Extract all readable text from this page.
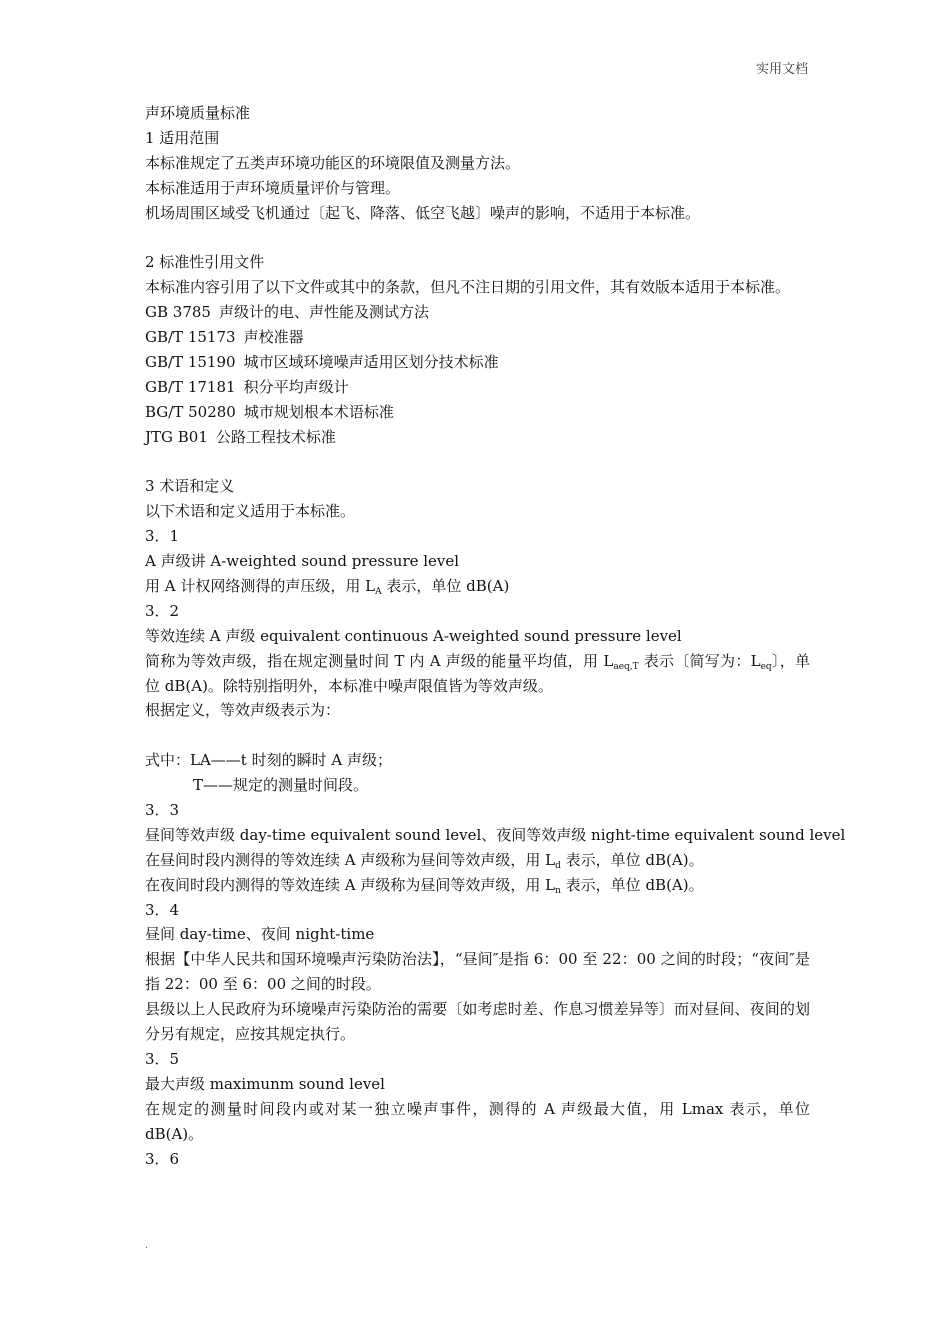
实用文档
声环境质量标准
1 适用范围
本标准规定了五类声环境功能区的环境限值及测量方法。
本标准适用于声环境质量评价与管理。
机场周围区域受飞机通过〔起飞、降落、低空飞越〕噪声的影响，不适用于本标准。
2 标准性引用文件
本标准内容引用了以下文件或其中的条款，但凡不注日期的引用文件，其有效版本适用于本标准。
GB 3785 声级计的电、声性能及测试方法
GB/T 15173 声校准器
GB/T 15190 城市区域环境噪声适用区划分技术标准
GB/T 17181 积分平均声级计
BG/T 50280 城市规划根本术语标准
JTG B01 公路工程技术标准
3 术语和定义
以下术语和定义适用于本标准。
3．1
A 声级讲 A-weighted sound pressure level
用 A 计权网络测得的声压级，用 $L_A$ 表示，单位 dB(A)
3．2
等效连续 A 声级 equivalent continuous A-weighted sound pressure level
简称为等效声级，指在规定测量时间 T 内 A 声级的能量平均值，用 $L_{aeq,T}$ 表示〔简写为：$L_{eq}$〕，单位 dB(A)。除特别指明外，本标准中噪声限值皆为等效声级。
根据定义，等效声级表示为：
式中：LA——t 时刻的瞬时 A 声级；
T——规定的测量时间段。
3．3
昼间等效声级 day-time equivalent sound level、夜间等效声级 night-time equivalent sound level
在昼间时段内测得的等效连续 A 声级称为昼间等效声级，用 $L_d$ 表示，单位 dB(A)。
在夜间时段内测得的等效连续 A 声级称为昼间等效声级，用 $L_n$ 表示，单位 dB(A)。
3．4
昼间 day-time、夜间 night-time
根据【中华人民共和国环境噪声污染防治法】，“昼间″是指 6：00 至 22：00 之间的时段；“夜间″是指 22：00 至 6：00 之间的时段。
县级以上人民政府为环境噪声污染防治的需要〔如考虑时差、作息习惯差异等〕而对昼间、夜间的划分另有规定，应按其规定执行。
3．5
最大声级 maximunm sound level
在规定的测量时间段内或对某一独立噪声事件，测得的 A 声级最大值，用 Lmax 表示，单位 dB(A)。
3．6
.
